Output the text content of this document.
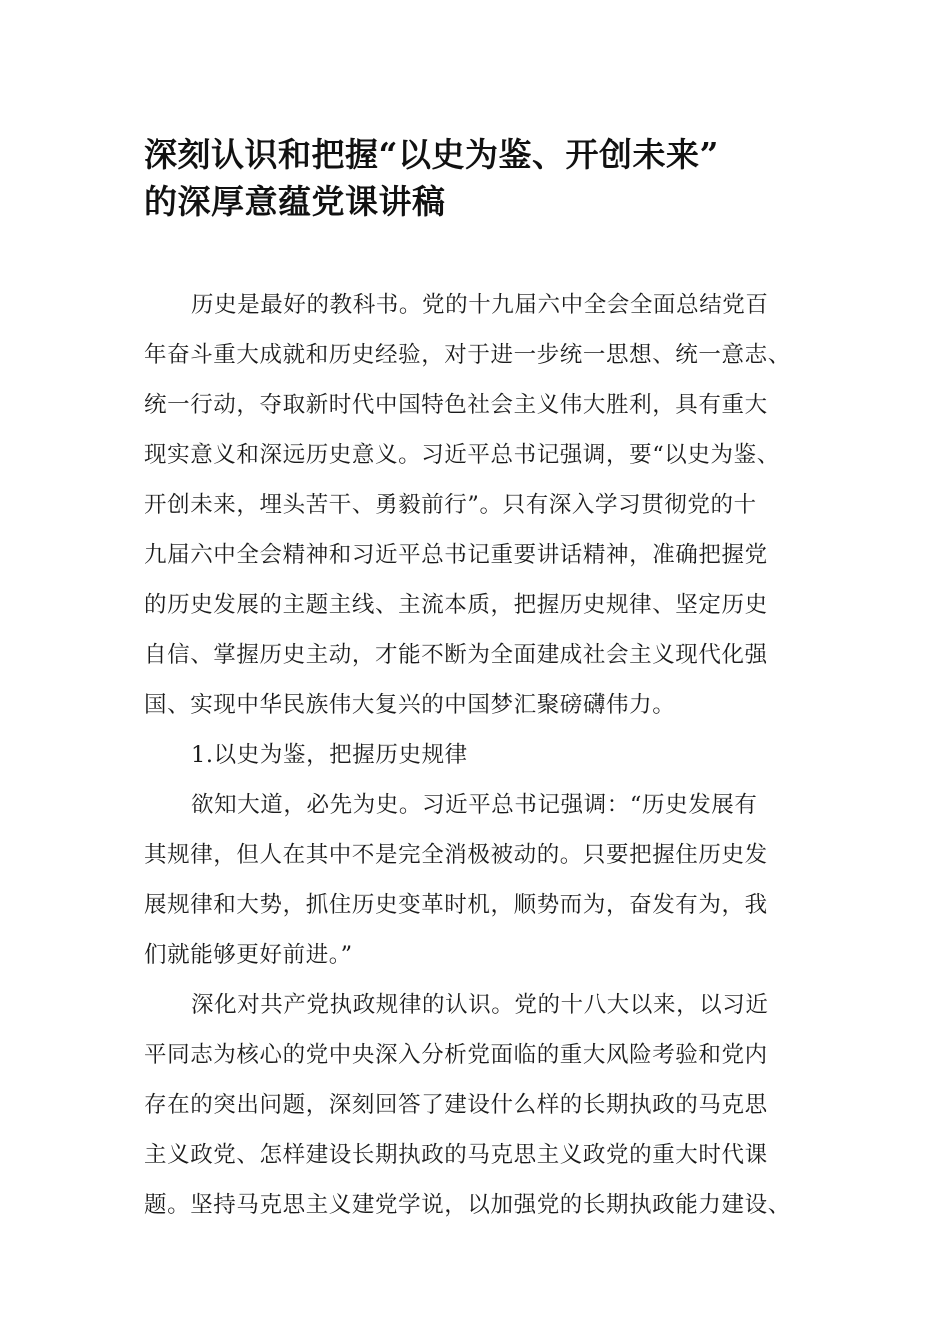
深刻认识和把握“以史为鉴、开创未来”
的深厚意蕴党课讲稿
历史是最好的教科书。党的十九届六中全会全面总结党百
年奋斗重大成就和历史经验，对于进一步统一思想、统一意志、
统一行动，夺取新时代中国特色社会主义伟大胜利，具有重大
现实意义和深远历史意义。习近平总书记强调，要“以史为鉴、
开创未来，埋头苦干、勇毅前行”。只有深入学习贯彻党的十
九届六中全会精神和习近平总书记重要讲话精神，准确把握党
的历史发展的主题主线、主流本质，把握历史规律、坚定历史
自信、掌握历史主动，才能不断为全面建成社会主义现代化强
国、实现中华民族伟大复兴的中国梦汇聚磅礴伟力。
1.以史为鉴，把握历史规律
欲知大道，必先为史。习近平总书记强调：“历史发展有
其规律，但人在其中不是完全消极被动的。只要把握住历史发
展规律和大势，抓住历史变革时机，顺势而为，奋发有为，我
们就能够更好前进。”
深化对共产党执政规律的认识。党的十八大以来，以习近
平同志为核心的党中央深入分析党面临的重大风险考验和党内
存在的突出问题，深刻回答了建设什么样的长期执政的马克思
主义政党、怎样建设长期执政的马克思主义政党的重大时代课
题。坚持马克思主义建党学说，以加强党的长期执政能力建设、
